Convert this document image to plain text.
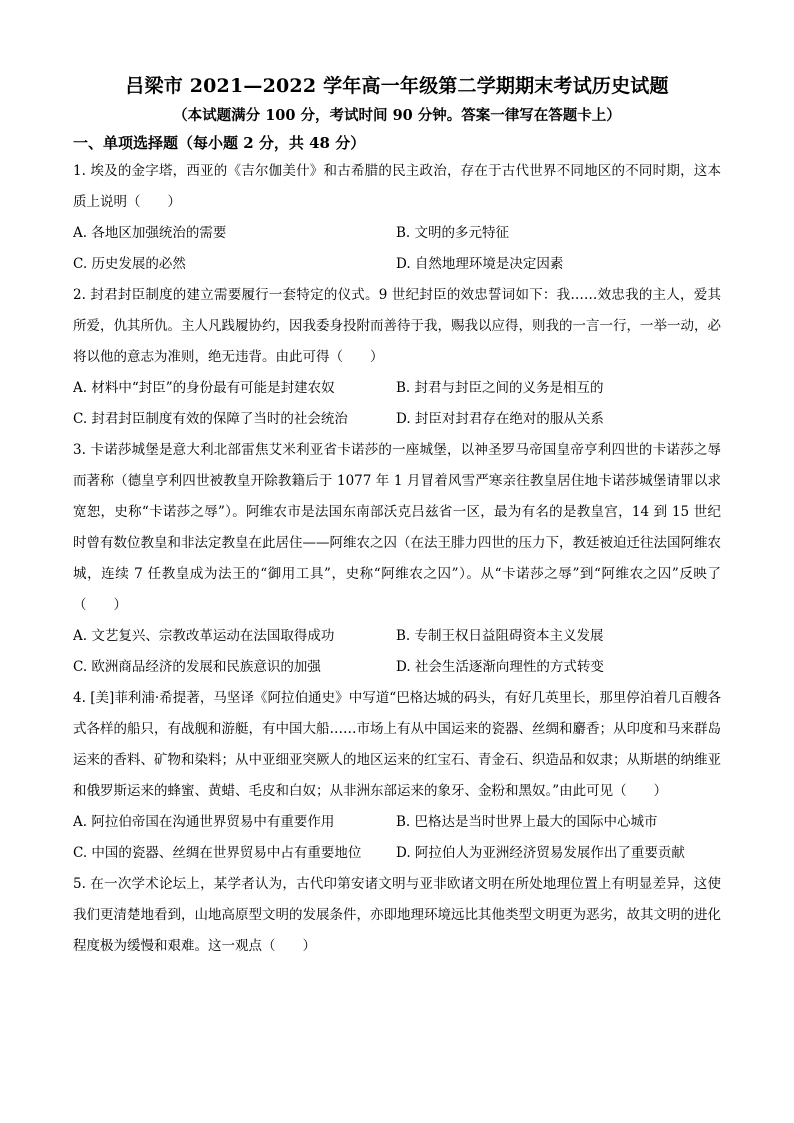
吕梁市 2021—2022 学年高一年级第二学期期末考试历史试题

（本试题满分 100 分，考试时间 90 分钟。答案一律写在答题卡上）

一、单项选择题（每小题 2 分，共 48 分）

1. 埃及的金字塔，西亚的《吉尔伽美什》和古希腊的民主政治，存在于古代世界不同地区的不同时期，这本质上说明（　　）

A. 各地区加强统治的需要	B. 文明的多元特征
C. 历史发展的必然	D. 自然地理环境是决定因素

2. 封君封臣制度的建立需要履行一套特定的仪式。9 世纪封臣的效忠誓词如下：我……效忠我的主人，爱其所爱，仇其所仇。主人凡践履协约，因我委身投附而善待于我，赐我以应得，则我的一言一行，一举一动，必将以他的意志为准则，绝无违背。由此可得（　　）

A. 材料中“封臣”的身份最有可能是封建农奴	B. 封君与封臣之间的义务是相互的
C. 封君封臣制度有效的保障了当时的社会统治	D. 封臣对封君存在绝对的服从关系

3. 卡诺莎城堡是意大利北部雷焦艾米利亚省卡诺莎的一座城堡，以神圣罗马帝国皇帝亨利四世的卡诺莎之辱而著称（德皇亨利四世被教皇开除教籍后于 1077 年 1 月冒着风雪严寒亲往教皇居住地卡诺莎城堡请罪以求宽恕，史称“卡诺莎之辱”）。阿维农市是法国东南部沃克吕兹省一区，最为有名的是教皇宫，14 到 15 世纪时曾有数位教皇和非法定教皇在此居住——阿维农之囚（在法王腓力四世的压力下，教廷被迫迁往法国阿维农城，连续 7 任教皇成为法王的“御用工具”，史称“阿维农之囚”）。从“卡诺莎之辱”到“阿维农之囚”反映了（　　）

A. 文艺复兴、宗教改革运动在法国取得成功	B. 专制王权日益阻碍资本主义发展
C. 欧洲商品经济的发展和民族意识的加强	D. 社会生活逐渐向理性的方式转变

4. [美]菲利浦·希提著，马坚译《阿拉伯通史》中写道“巴格达城的码头，有好几英里长，那里停泊着几百艘各式各样的船只，有战舰和游艇，有中国大船……市场上有从中国运来的瓷器、丝绸和麝香；从印度和马来群岛运来的香料、矿物和染料；从中亚细亚突厥人的地区运来的红宝石、青金石、织造品和奴隶；从斯堪的纳维亚和俄罗斯运来的蜂蜜、黄蜡、毛皮和白奴；从非洲东部运来的象牙、金粉和黑奴。”由此可见（　　）

A. 阿拉伯帝国在沟通世界贸易中有重要作用	B. 巴格达是当时世界上最大的国际中心城市
C. 中国的瓷器、丝绸在世界贸易中占有重要地位	D. 阿拉伯人为亚洲经济贸易发展作出了重要贡献

5. 在一次学术论坛上，某学者认为，古代印第安诸文明与亚非欧诸文明在所处地理位置上有明显差异，这使我们更清楚地看到，山地高原型文明的发展条件，亦即地理环境远比其他类型文明更为恶劣，故其文明的进化程度极为缓慢和艰难。这一观点（　　）
